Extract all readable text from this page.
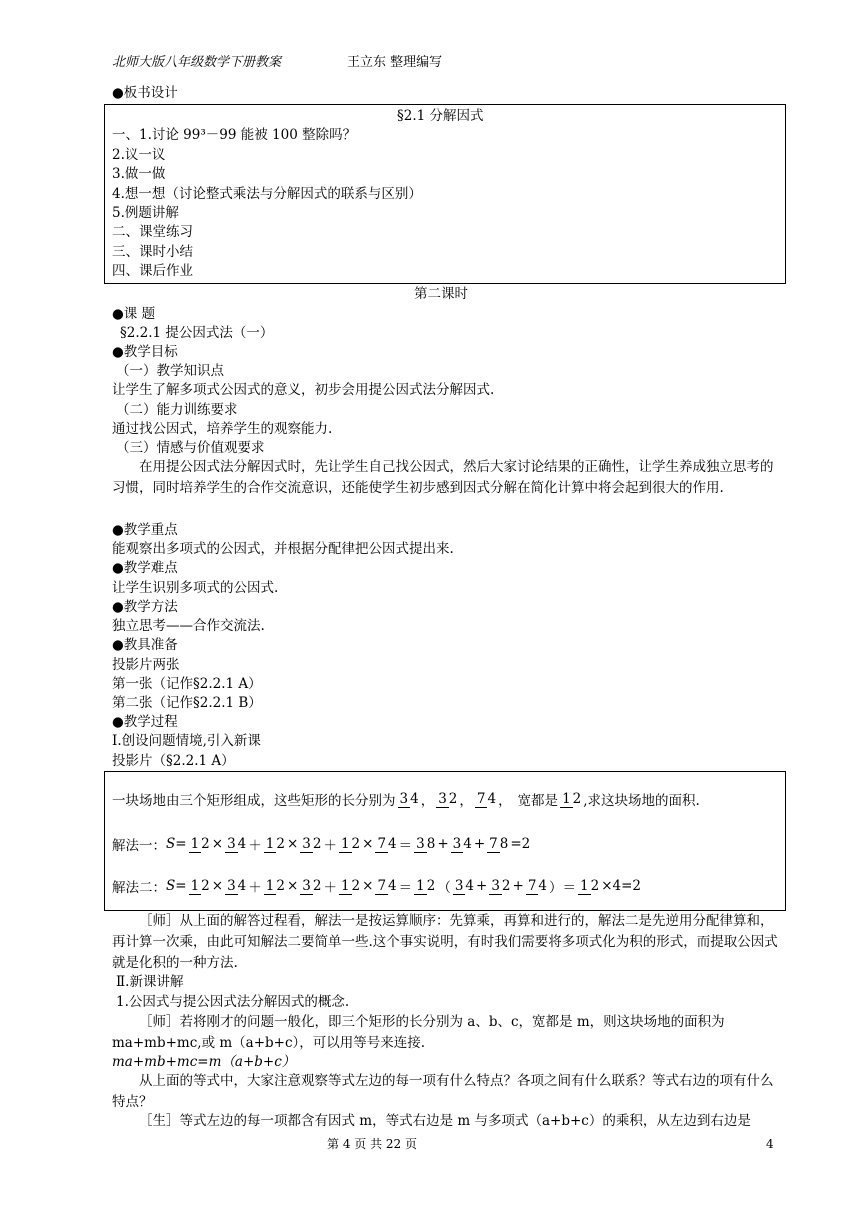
北师大版八年级数学下册教案	王立东 整理编写
●板书设计
§2.1 分解因式
一、1.讨论 99³－99 能被 100 整除吗？
2.议一议
3.做一做
4.想一想（讨论整式乘法与分解因式的联系与区别）
5.例题讲解
二、课堂练习
三、课时小结
四、课后作业
第二课时
●课 题
§2.2.1 提公因式法（一）
●教学目标
（一）教学知识点
让学生了解多项式公因式的意义，初步会用提公因式法分解因式.
（二）能力训练要求
通过找公因式，培养学生的观察能力.
（三）情感与价值观要求
在用提公因式法分解因式时，先让学生自己找公因式，然后大家讨论结果的正确性，让学生养成独立思考的习惯，同时培养学生的合作交流意识，还能使学生初步感到因式分解在简化计算中将会起到很大的作用.
●教学重点
能观察出多项式的公因式，并根据分配律把公因式提出来.
●教学难点
让学生识别多项式的公因式.
●教学方法
独立思考——合作交流法.
●教具准备
投影片两张
第一张（记作§2.2.1 A）
第二张（记作§2.2.1 B）
●教学过程
Ⅰ.创设问题情境,引入新课
投影片（§2.2.1 A）
一块场地由三个矩形组成，这些矩形的长分别为 3 4 ， 3 2 ， 7 4 ， 宽都是 1 2 ,求这块场地的面积.
解法一： S = 1 2 × 3 4 ＋ 1 2 × 3 2 ＋ 1 2 × 7 4 ＝ 3 8 + 3 4 + 7 8 =2
解法二： S = 1 2 × 3 4 ＋ 1 2 × 3 2 ＋ 1 2 × 7 4 ＝ 1 2 （ 3 4 + 3 2 + 7 4 ）＝ 1 2 ×4=2
［师］从上面的解答过程看，解法一是按运算顺序：先算乘，再算和进行的，解法二是先逆用分配律算和，再计算一次乘，由此可知解法二要简单一些.这个事实说明，有时我们需要将多项式化为积的形式，而提取公因式就是化积的一种方法.
Ⅱ.新课讲解
1.公因式与提公因式法分解因式的概念.
［师］若将刚才的问题一般化，即三个矩形的长分别为 a、b、c，宽都是 m，则这块场地的面积为 ma+mb+mc,或 m（a+b+c），可以用等号来连接.
ma+mb+mc=m（a+b+c）
从上面的等式中，大家注意观察等式左边的每一项有什么特点？各项之间有什么联系？等式右边的项有什么特点？
［生］等式左边的每一项都含有因式 m，等式右边是 m 与多项式（a+b+c）的乘积，从左边到右边是
第 4 页 共 22 页	4
